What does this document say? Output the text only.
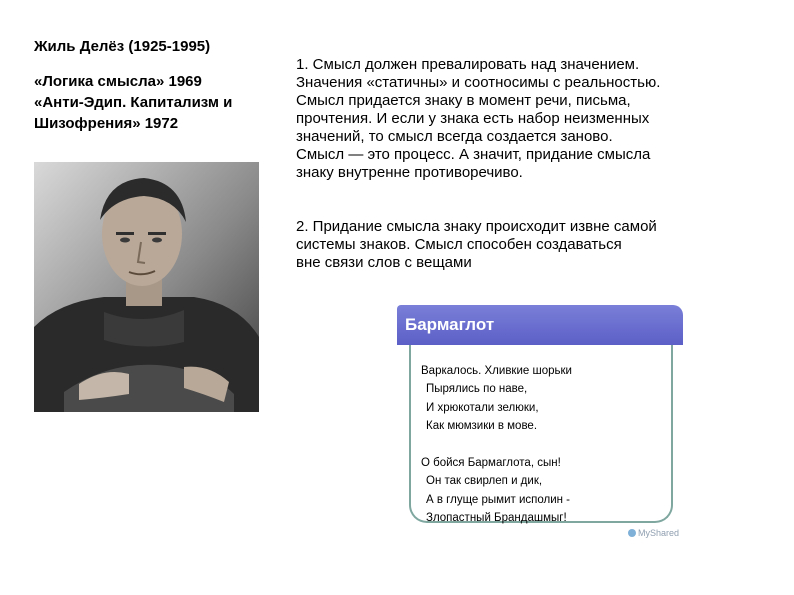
Жиль Делёз (1925-1995)
«Логика смысла» 1969
«Анти-Эдип. Капитализм и
Шизофрения» 1972
1. Смысл должен превалировать над значением.
Значения «статичны» и соотносимы с реальностью.
Смысл придается знаку в момент речи, письма,
прочтения. И если у знака есть набор неизменных
значений, то смысл всегда создается заново.
Смысл — это процесс. А значит, придание смысла
знаку внутренне противоречиво.
2. Придание смысла знаку происходит извне самой
системы знаков. Смысл способен создаваться
вне связи слов с вещами
Бармаглот
Варкалось. Хливкие шорьки
Пырялись по наве,
И хрюкотали зелюки,
Как мюмзики в мове.

О бойся Бармаглота, сын!
Он так свирлеп и дик,
А в глуще рымит исполин -
Злопастный Брандашмыг!
MyShared
